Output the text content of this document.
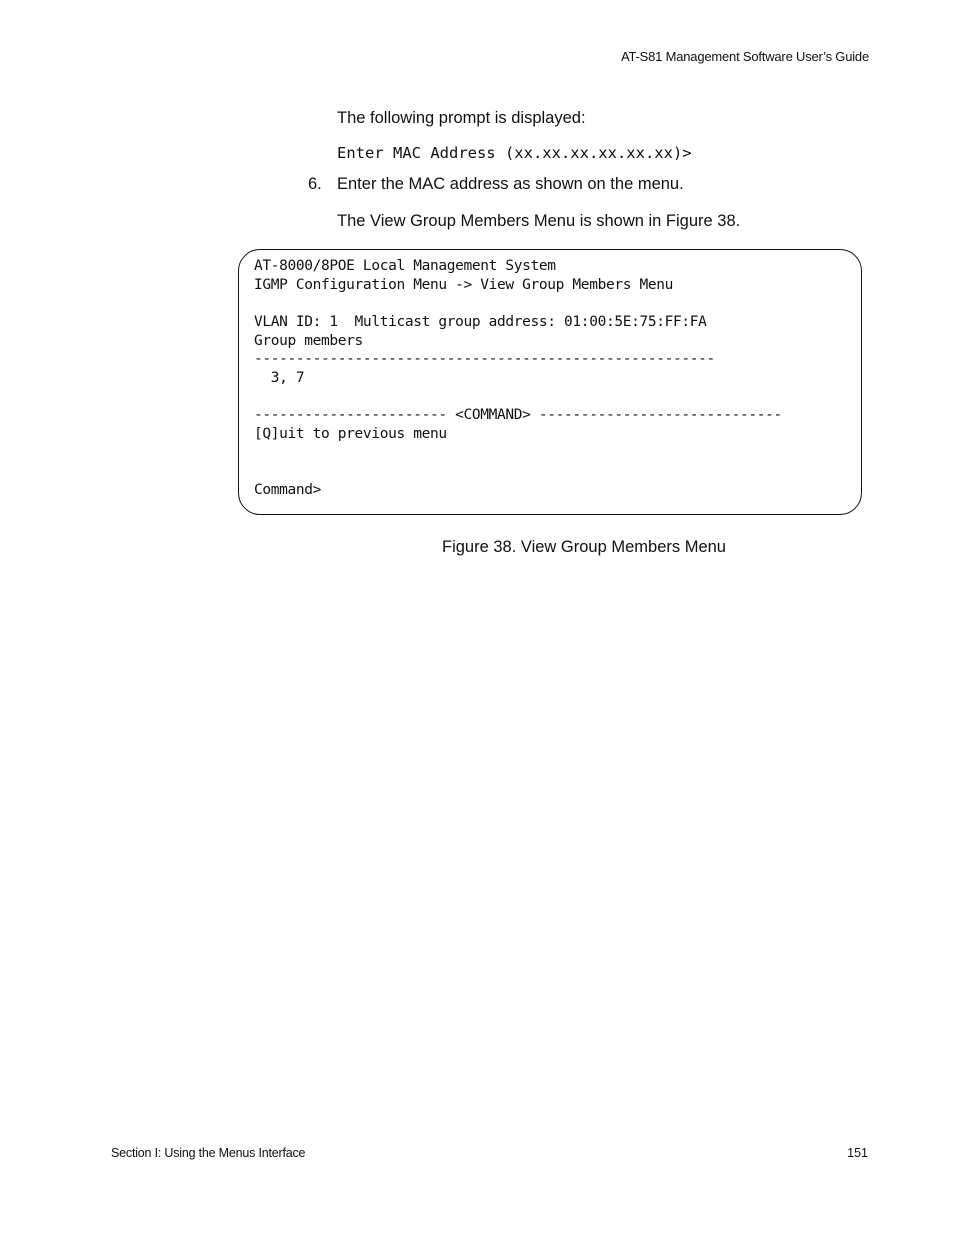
AT-S81 Management Software User’s Guide
The following prompt is displayed:
Enter MAC Address (xx.xx.xx.xx.xx.xx)>
6. Enter the MAC address as shown on the menu.
The View Group Members Menu is shown in Figure 38.
AT-8000/8POE Local Management System
IGMP Configuration Menu -> View Group Members Menu
VLAN ID: 1  Multicast group address: 01:00:5E:75:FF:FA
Group members
-------------------------------------------------------
3, 7
----------------------- <COMMAND> -----------------------------
[Q]uit to previous menu
Command>
Figure 38. View Group Members Menu
Section I: Using the Menus Interface	151
